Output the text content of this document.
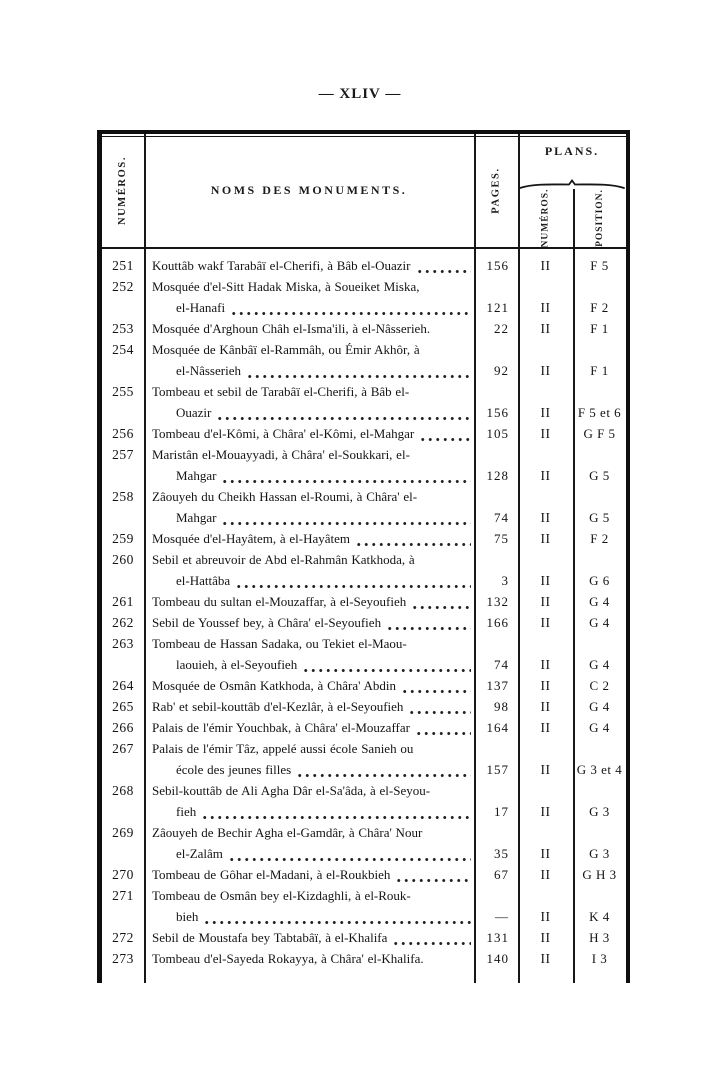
— XLIV —
NUMÉROS.	NOMS DES MONUMENTS.	PAGES.
PLANS.
NUMÉROS.	POSITION.
251	Kouttâb wakf Tarabâï el-Cherifi, à Bâb el-Ouazir	156	II	F 5
252	Mosquée d'el-Sitt Hadak Miska, à Soueiket Miska,
el-Hanafi	121	II	F 2
253	Mosquée d'Arghoun Châh el-Isma'ili, à el-Nâsserieh.	22	II	F 1
254	Mosquée de Kânbâï el-Rammâh, ou Émir Akhôr, à
el-Nâsserieh	92	II	F 1
255	Tombeau et sebil de Tarabâï el-Cherifi, à Bâb el-
Ouazir	156	II	F 5 et 6
256	Tombeau d'el-Kômi, à Châra' el-Kômi, el-Mahgar	105	II	G F 5
257	Maristân el-Mouayyadi, à Châra' el-Soukkari, el-
Mahgar	128	II	G 5
258	Zâouyeh du Cheikh Hassan el-Roumi, à Châra' el-
Mahgar	74	II	G 5
259	Mosquée d'el-Hayâtem, à el-Hayâtem	75	II	F 2
260	Sebil et abreuvoir de Abd el-Rahmân Katkhoda, à
el-Hattâba	3	II	G 6
261	Tombeau du sultan el-Mouzaffar, à el-Seyoufieh	132	II	G 4
262	Sebil de Youssef bey, à Châra' el-Seyoufieh	166	II	G 4
263	Tombeau de Hassan Sadaka, ou Tekiet el-Maou-
laouieh, à el-Seyoufieh	74	II	G 4
264	Mosquée de Osmân Katkhoda, à Châra' Abdin	137	II	C 2
265	Rab' et sebil-kouttâb d'el-Kezlâr, à el-Seyoufieh	98	II	G 4
266	Palais de l'émir Youchbak, à Châra' el-Mouzaffar	164	II	G 4
267	Palais de l'émir Tâz, appelé aussi école Sanieh ou
école des jeunes filles	157	II	G 3 et 4
268	Sebil-kouttâb de Ali Agha Dâr el-Sa'âda, à el-Seyou-
fieh	17	II	G 3
269	Zâouyeh de Bechir Agha el-Gamdâr, à Châra' Nour
el-Zalâm	35	II	G 3
270	Tombeau de Gôhar el-Madani, à el-Roukbieh	67	II	G H 3
271	Tombeau de Osmân bey el-Kizdaghli, à el-Rouk-
bieh	—	II	K 4
272	Sebil de Moustafa bey Tabtabâï, à el-Khalifa	131	II	H 3
273	Tombeau d'el-Sayeda Rokayya, à Châra' el-Khalifa.	140	II	I 3
